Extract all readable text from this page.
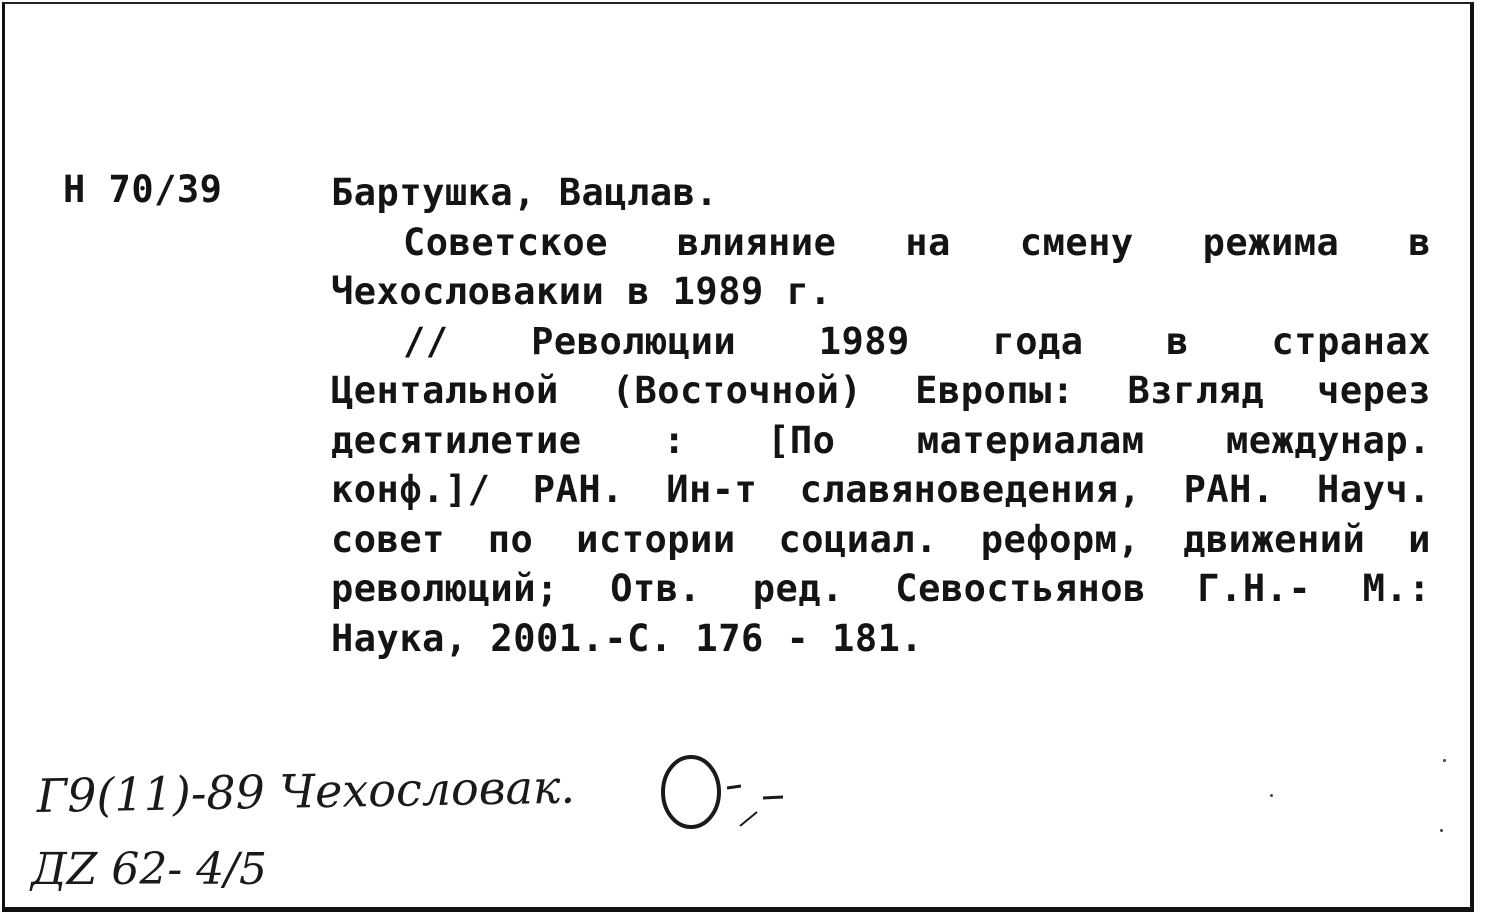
Н 70/39	Бартушка, Вацлав.
Советское влияние на смену режима в
Чехословакии в 1989 г.
// Революции 1989 года в странах
Центальной (Восточной) Европы: Взгляд через
десятилетие : [По материалам междунар.
конф.]/ РАН. Ин-т славяноведения, РАН. Науч.
совет по истории социал. реформ, движений и
революций; Отв. ред. Севостьянов Г.Н.- М.:
Наука, 2001.-С. 176 - 181.
Г9(11)-89 Чехословак.
ДZ 62- 4/5
